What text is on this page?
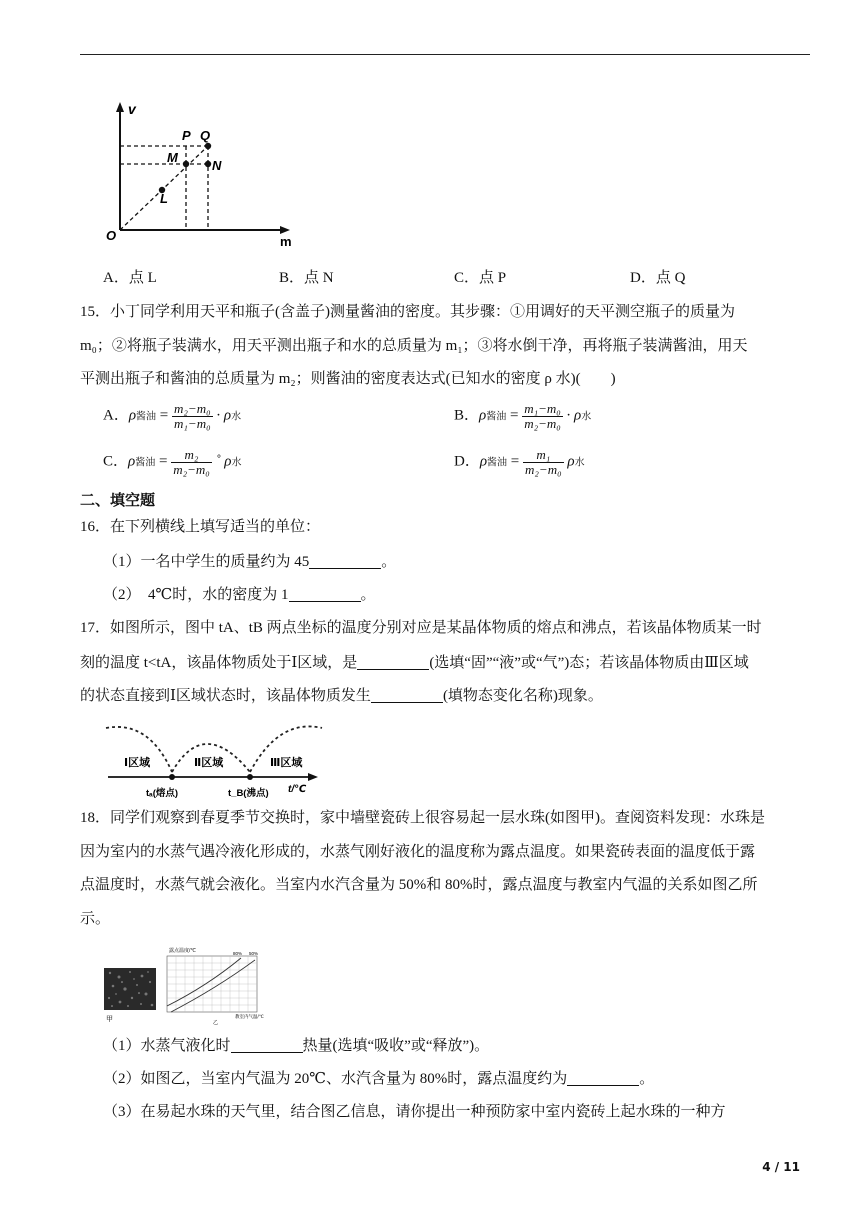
v
m
O
P Q
M
N
L
A．点 L	B．点 N	C．点 P	D．点 Q
15．小丁同学利用天平和瓶子(含盖子)测量酱油的密度。其步骤：①用调好的天平测空瓶子的质量为
m₀；②将瓶子装满水，用天平测出瓶子和水的总质量为 m₁；③将水倒干净，再将瓶子装满酱油，用天
平测出瓶子和酱油的总质量为 m₂；则酱油的密度表达式(已知水的密度 ρ 水)(　　)
A．ρ酱油 = $\frac{\text{m₂−m₀}}{\text{m₁−m₀}} \cdot \rho$水	B．ρ酱油 = $\frac{\text{m₁−m₀}}{\text{m₂−m₀}} \cdot \rho$水
C．ρ酱油 = $\frac{\text{m₂}}{\text{m₂−m₀}}$ ˚ ρ水	D．ρ酱油 = $\frac{\text{m₁}}{\text{m₂−m₀}}$ ρ水
二、填空题
16．在下列横线上填写适当的单位：
（1）一名中学生的质量约为 45	。
（2）　4℃时，水的密度为 1	。
17．如图所示，图中 tA、tB 两点坐标的温度分别对应是某晶体物质的熔点和沸点，若该晶体物质某一时
刻的温度 t<tA，该晶体物质处于Ⅰ区域，是	(选填“固”“液”或“气”)态；若该晶体物质由Ⅲ区域
的状态直接到Ⅰ区域状态时，该晶体物质发生	(填物态变化名称)现象。
Ⅰ区域	Ⅱ区域	Ⅲ区域
tₐ(熔点)	t_B(沸点) t/℃
18．同学们观察到春夏季节交换时，家中墙壁瓷砖上很容易起一层水珠(如图甲)。查阅资料发现：水珠是
因为室内的水蒸气遇冷液化形成的，水蒸气刚好液化的温度称为露点温度。如果瓷砖表面的温度低于露
点温度时，水蒸气就会液化。当室内水汽含量为 50%和 80%时，露点温度与教室内气温的关系如图乙所
示。
甲
露点温度/℃	80% 50%
乙
教室内气温/℃
（1）水蒸气液化时	热量(选填“吸收”或“释放”)。
（2）如图乙，当室内气温为 20℃、水汽含量为 80%时，露点温度约为	。
（3）在易起水珠的天气里，结合图乙信息，请你提出一种预防家中室内瓷砖上起水珠的一种方
4 / 11
